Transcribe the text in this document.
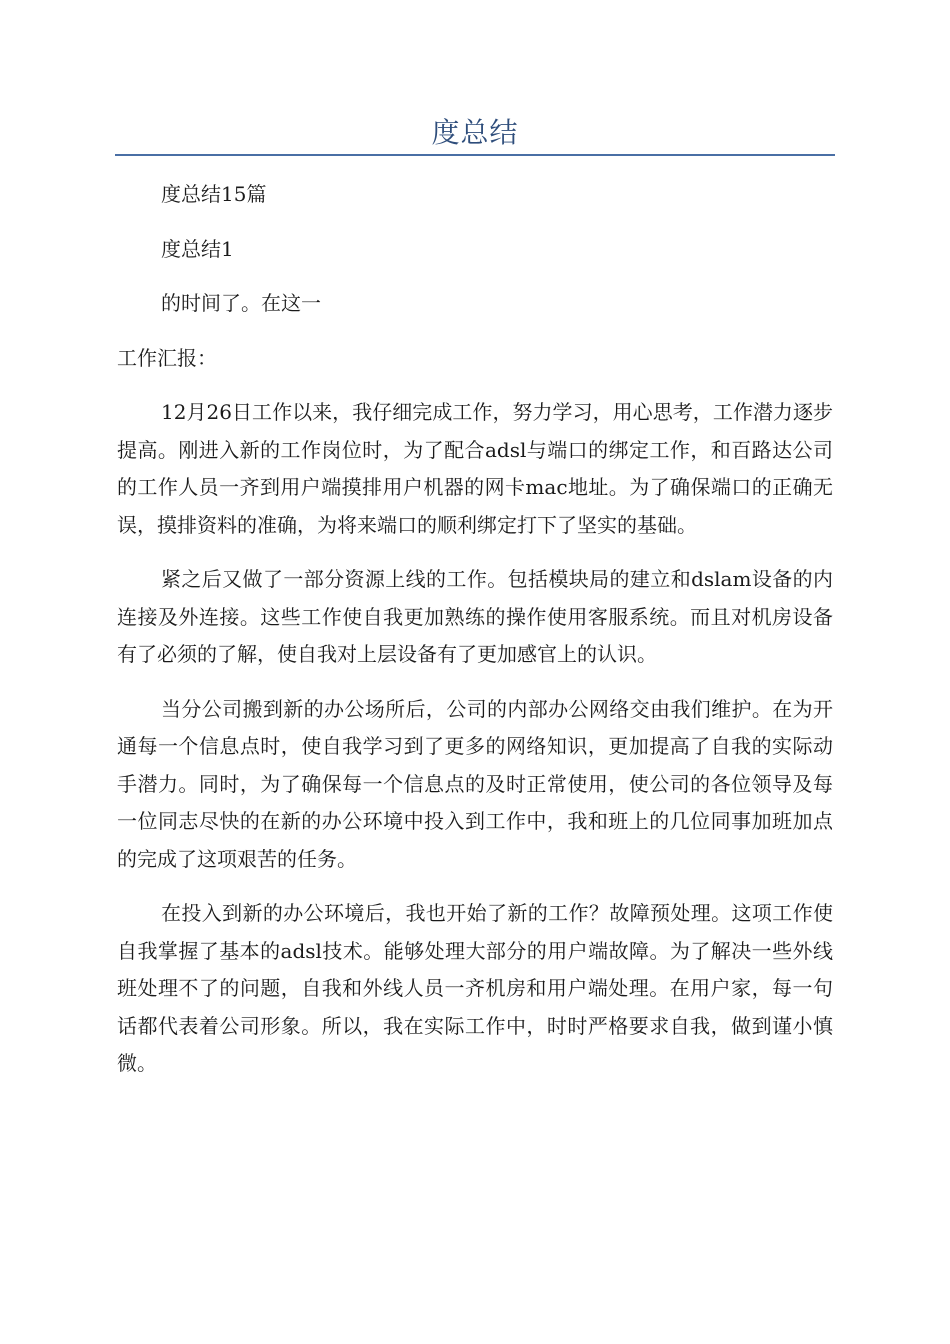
度总结

度总结15篇

度总结1

的时间了。在这一

工作汇报：

12月26日工作以来，我仔细完成工作，努力学习，用心思考，工作潜力逐步提高。刚进入新的工作岗位时，为了配合adsl与端口的绑定工作，和百路达公司的工作人员一齐到用户端摸排用户机器的网卡mac地址。为了确保端口的正确无误，摸排资料的准确，为将来端口的顺利绑定打下了坚实的基础。

紧之后又做了一部分资源上线的工作。包括模块局的建立和dslam设备的内连接及外连接。这些工作使自我更加熟练的操作使用客服系统。而且对机房设备有了必须的了解，使自我对上层设备有了更加感官上的认识。

当分公司搬到新的办公场所后，公司的内部办公网络交由我们维护。在为开通每一个信息点时，使自我学习到了更多的网络知识，更加提高了自我的实际动手潜力。同时，为了确保每一个信息点的及时正常使用，使公司的各位领导及每一位同志尽快的在新的办公环境中投入到工作中，我和班上的几位同事加班加点的完成了这项艰苦的任务。

在投入到新的办公环境后，我也开始了新的工作？故障预处理。这项工作使自我掌握了基本的adsl技术。能够处理大部分的用户端故障。为了解决一些外线班处理不了的问题，自我和外线人员一齐机房和用户端处理。在用户家，每一句话都代表着公司形象。所以，我在实际工作中，时时严格要求自我，做到谨小慎微。
